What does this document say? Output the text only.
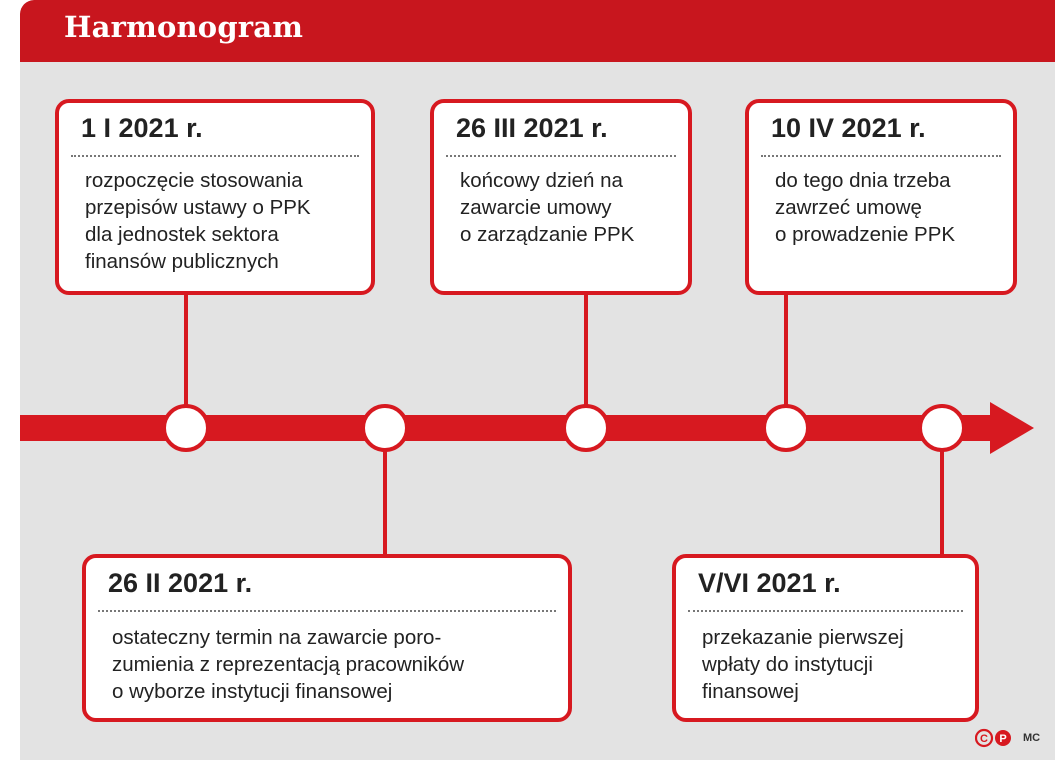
Harmonogram
1 I 2021 r.
rozpoczęcie stosowania
przepisów ustawy o PPK
dla jednostek sektora
finansów publicznych
26 III 2021 r.
końcowy dzień na
zawarcie umowy
o zarządzanie PPK
10 IV 2021 r.
do tego dnia trzeba
zawrzeć umowę
o prowadzenie PPK
26 II 2021 r.
ostateczny termin na zawarcie poro-
zumienia z reprezentacją pracowników
o wyborze instytucji finansowej
V/VI 2021 r.
przekazanie pierwszej
wpłaty do instytucji
finansowej
C P MC
